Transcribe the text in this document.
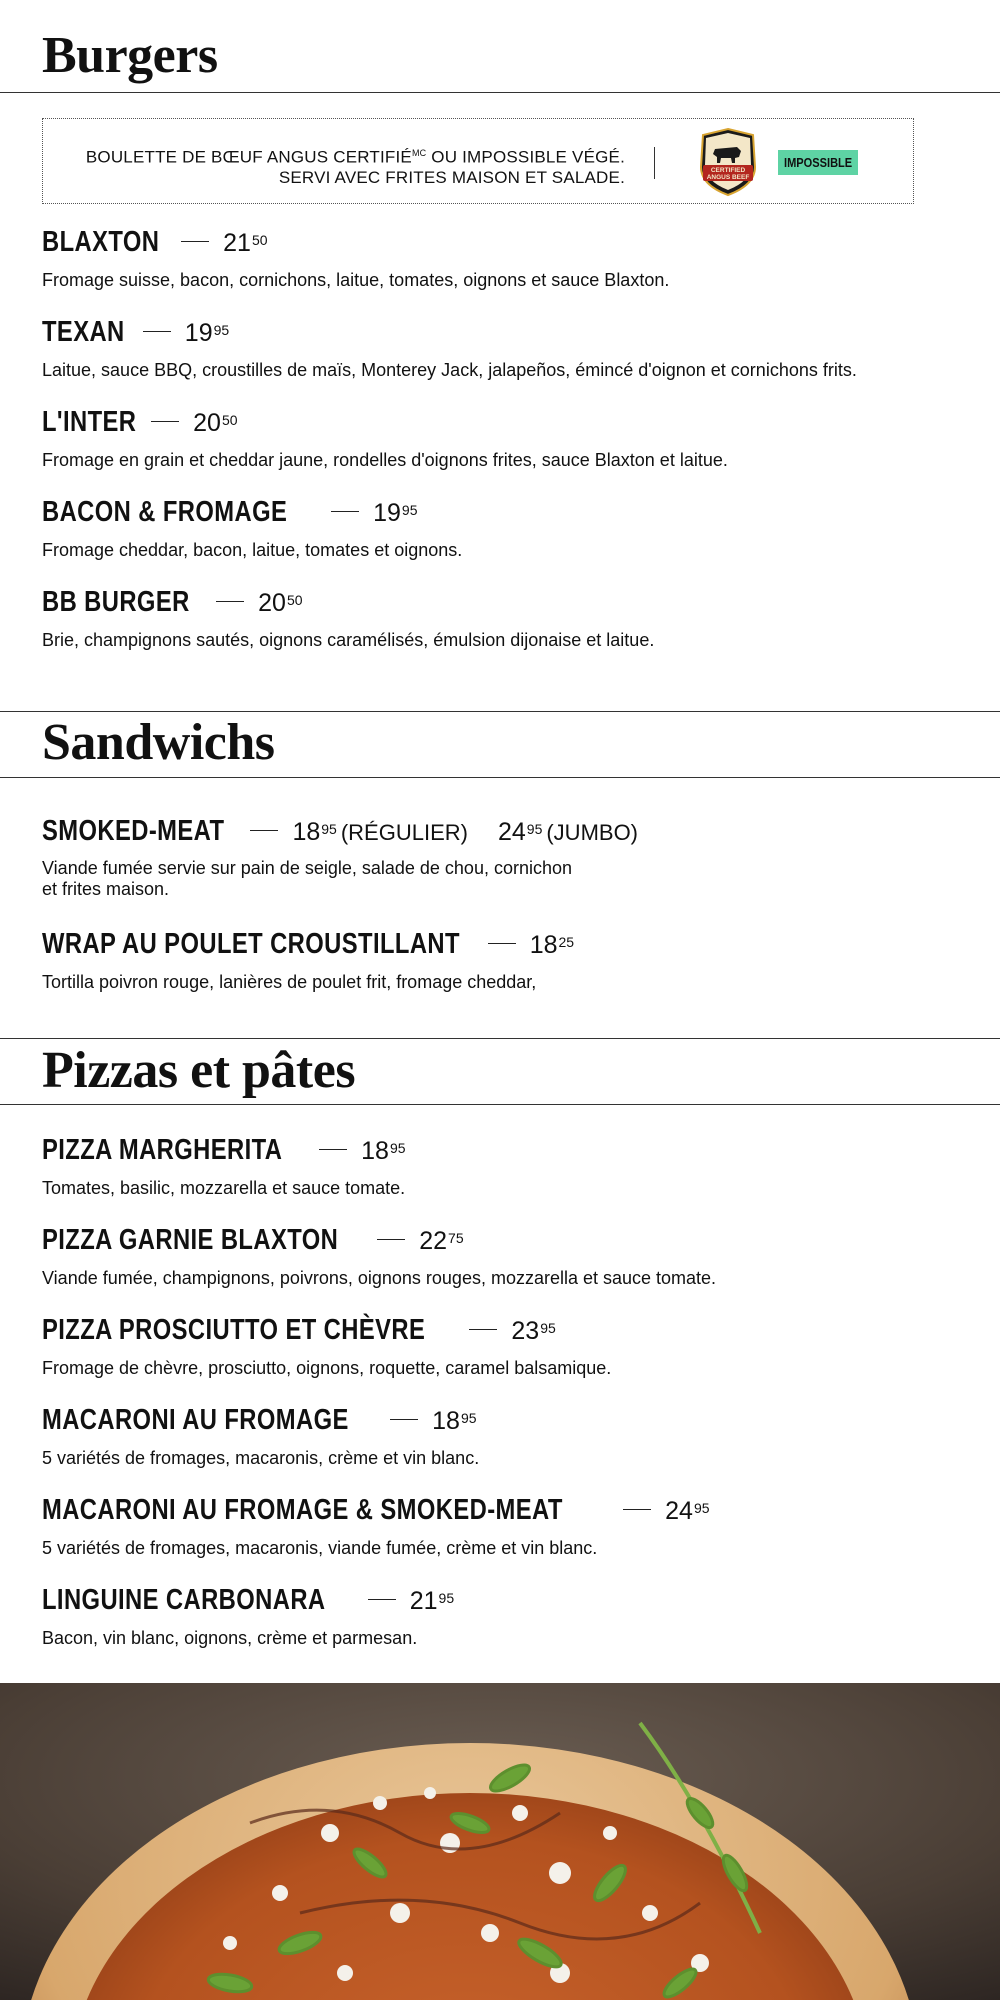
Burgers
BOULETTE DE BŒUF ANGUS $CERTIFIÉ^{MC}$ OU IMPOSSIBLE VÉGÉ.
SERVI AVEC FRITES MAISON ET SALADE.	CERTIFIED
ANGUS BEEF
IMPOSSIBLE
BLAXTON	$21^{50}$
Fromage suisse, bacon, cornichons, laitue, tomates, oignons et sauce Blaxton.
TEXAN $19^{95}$
Laitue, sauce BBQ, croustilles de maïs, Monterey Jack, jalapeños, émincé d'oignon et cornichons frits.
L'INTER $20^{50}$
Fromage en grain et cheddar jaune, rondelles d'oignons frites, sauce Blaxton et laitue.
BACON & FROMAGE	$19^{95}$
Fromage cheddar, bacon, laitue, tomates et oignons.
BB BURGER	$20^{50}$
Brie, champignons sautés, oignons caramélisés, émulsion dijonaise et laitue.
Sandwichs
SMOKED-MEAT	$18^{95}$ (RÉGULIER) $24^{95}$ (JUMBO)
Viande fumée servie sur pain de seigle, salade de chou, cornichon
et frites maison.
WRAP AU POULET CROUSTILLANT	$18^{25}$
Tortilla poivron rouge, lanières de poulet frit, fromage cheddar,
Pizzas et pâtes
PIZZA MARGHERITA	$18^{95}$
Tomates, basilic, mozzarella et sauce tomate.
PIZZA GARNIE BLAXTON	$22^{75}$
Viande fumée, champignons, poivrons, oignons rouges, mozzarella et sauce tomate.
PIZZA PROSCIUTTO ET CHÈVRE	$23^{95}$
Fromage de chèvre, prosciutto, oignons, roquette, caramel balsamique.
MACARONI AU FROMAGE	$18^{95}$
5 variétés de fromages, macaronis, crème et vin blanc.
MACARONI AU FROMAGE & SMOKED-MEAT	$24^{95}$
5 variétés de fromages, macaronis, viande fumée, crème et vin blanc.
LINGUINE CARBONARA	$21^{95}$
Bacon, vin blanc, oignons, crème et parmesan.
